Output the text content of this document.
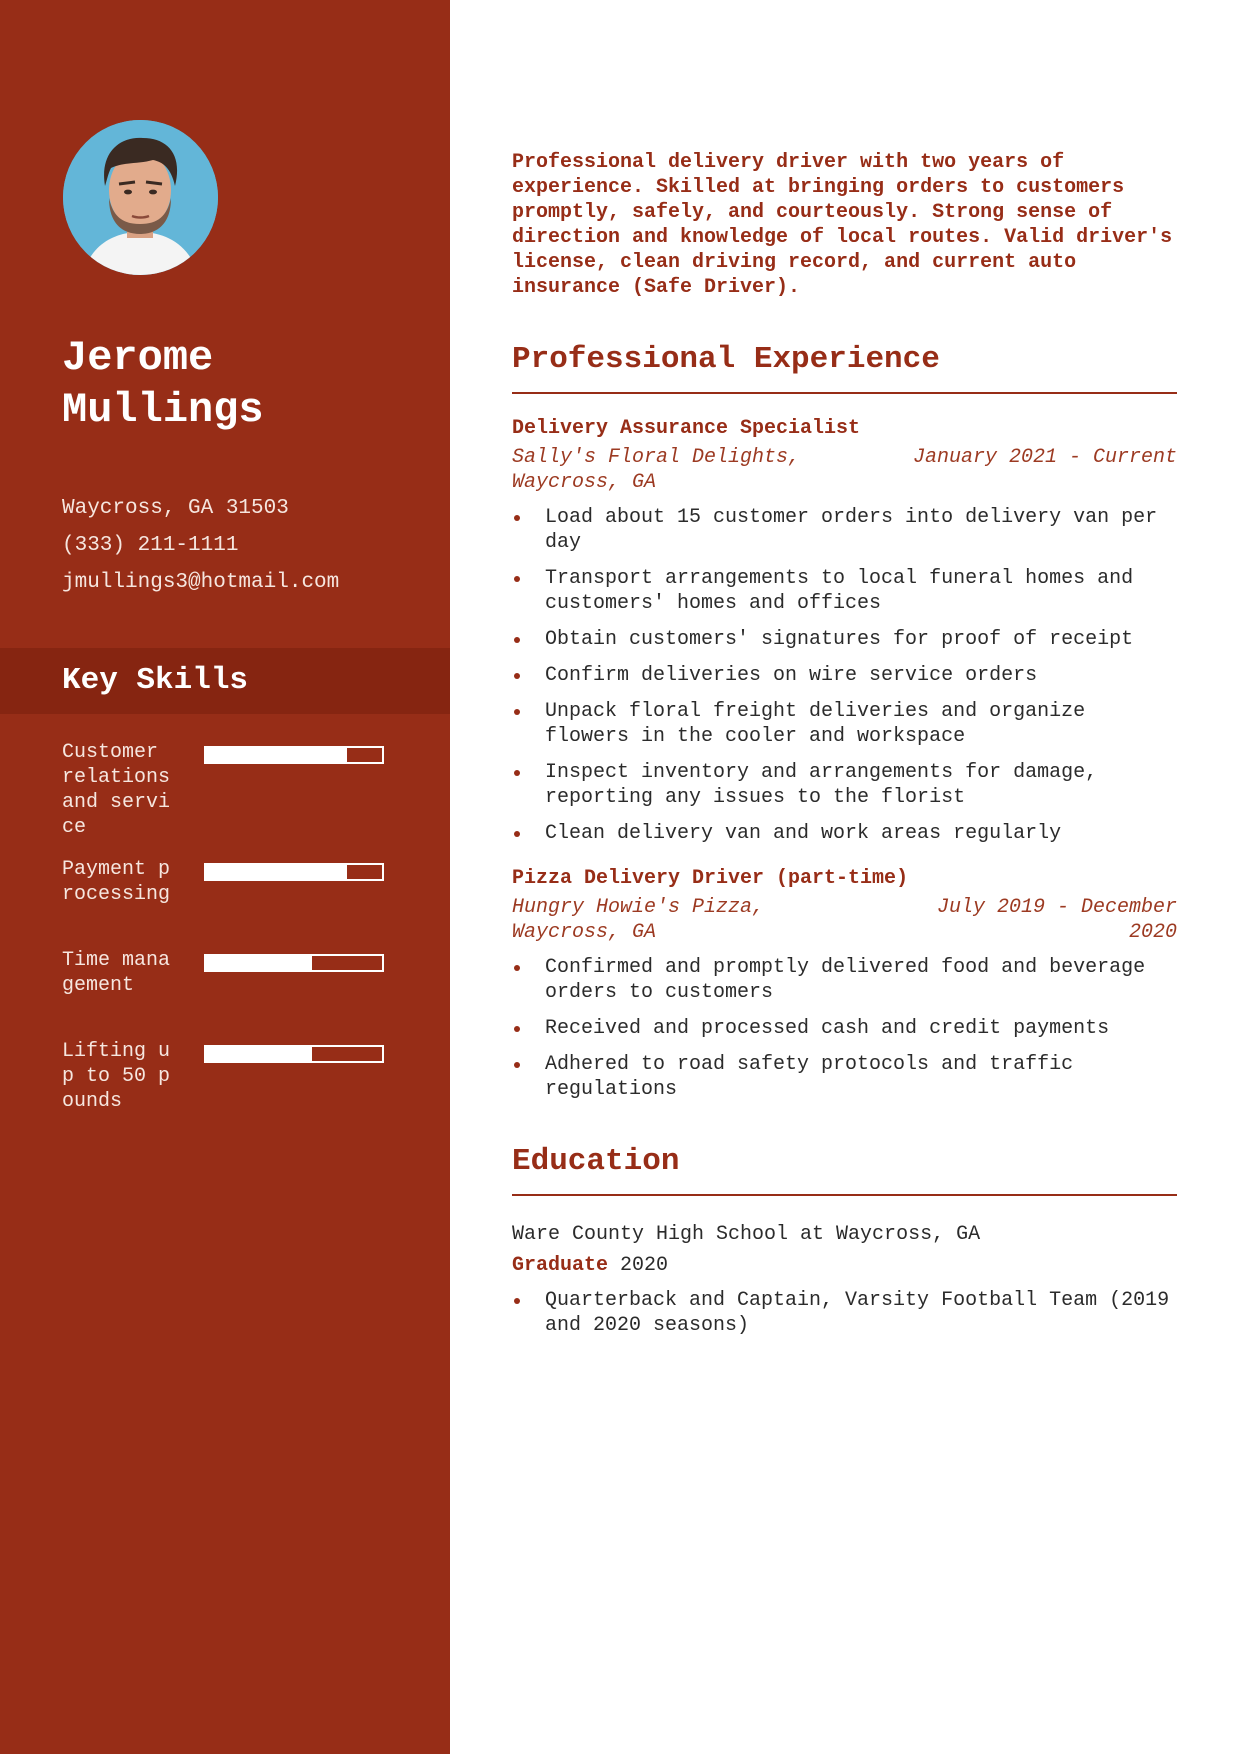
Jerome
Mullings
Waycross, GA 31503
(333) 211-1111
jmullings3@hotmail.com
Key Skills
Customer relations and service
Payment processing
Time management
Lifting up to 50 pounds

Professional delivery driver with two years of experience. Skilled at bringing orders to customers promptly, safely, and courteously. Strong sense of direction and knowledge of local routes. Valid driver's license, clean driving record, and current auto insurance (Safe Driver).

Professional Experience
Delivery Assurance Specialist
Sally's Floral Delights, Waycross, GA
January 2021 - Current
Load about 15 customer orders into delivery van per day
Transport arrangements to local funeral homes and customers' homes and offices
Obtain customers' signatures for proof of receipt
Confirm deliveries on wire service orders
Unpack floral freight deliveries and organize flowers in the cooler and workspace
Inspect inventory and arrangements for damage, reporting any issues to the florist
Clean delivery van and work areas regularly
Pizza Delivery Driver (part-time)
Hungry Howie's Pizza, Waycross, GA
July 2019 - December 2020
Confirmed and promptly delivered food and beverage orders to customers
Received and processed cash and credit payments
Adhered to road safety protocols and traffic regulations
Education
Ware County High School at Waycross, GA
Graduate 2020
Quarterback and Captain, Varsity Football Team (2019 and 2020 seasons)
